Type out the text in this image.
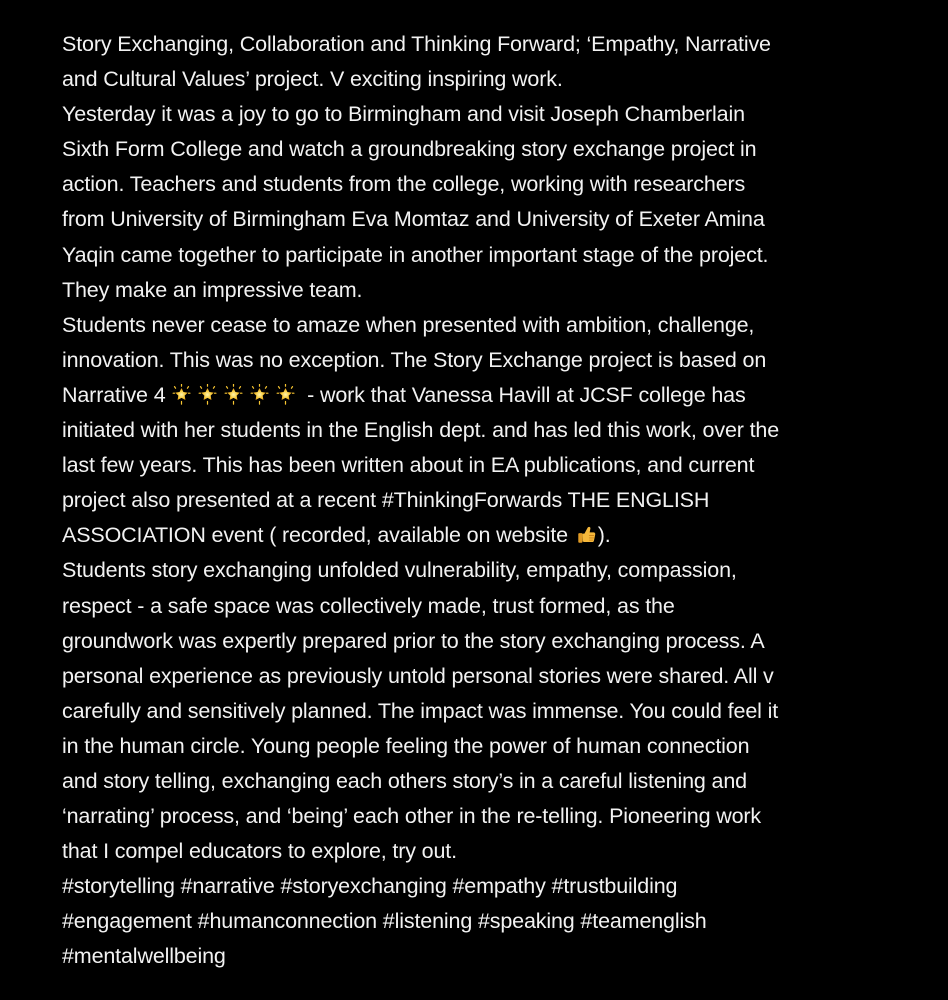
Story Exchanging, Collaboration and Thinking Forward; ‘Empathy, Narrative
and Cultural Values’ project. V exciting inspiring work.
Yesterday it was a joy to go to Birmingham and visit Joseph Chamberlain
Sixth Form College and watch a groundbreaking story exchange project in
action. Teachers and students from the college, working with researchers
from University of Birmingham Eva Momtaz and University of Exeter Amina
Yaqin came together to participate in another important stage of the project.
They make an impressive team.
Students never cease to amaze when presented with ambition, challenge,
innovation. This was no exception. The Story Exchange project is based on
Narrative 4	- work that Vanessa Havill at JCSF college has
initiated with her students in the English dept. and has led this work, over the
last few years. This has been written about in EA publications, and current
project also presented at a recent #ThinkingForwards THE ENGLISH
ASSOCIATION event ( recorded, available on website
).
Students story exchanging unfolded vulnerability, empathy, compassion,
respect - a safe space was collectively made, trust formed, as the
groundwork was expertly prepared prior to the story exchanging process. A
personal experience as previously untold personal stories were shared. All v
carefully and sensitively planned. The impact was immense. You could feel it
in the human circle. Young people feeling the power of human connection
and story telling, exchanging each others story’s in a careful listening and
‘narrating’ process, and ‘being’ each other in the re-telling. Pioneering work
that I compel educators to explore, try out.
#storytelling #narrative #storyexchanging #empathy #trustbuilding
#engagement #humanconnection #listening #speaking #teamenglish
#mentalwellbeing
